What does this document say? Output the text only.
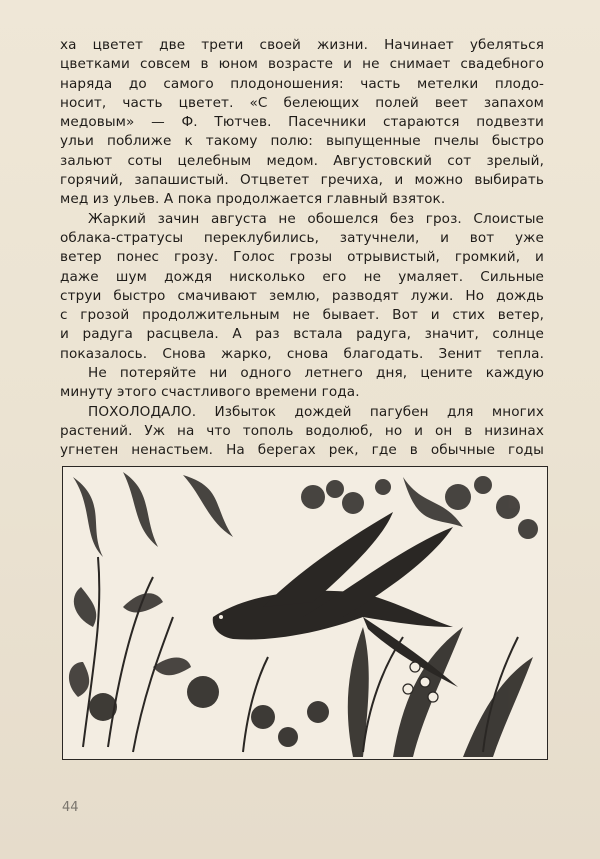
ха цветет две трети своей жизни. Начинает убеляться
цветками совсем в юном возрасте и не снимает свадебного
наряда до самого плодоношения: часть метелки плодо-
носит, часть цветет. «С белеющих полей веет запахом
медовым» — Ф. Тютчев. Пасечники стараются подвезти
ульи поближе к такому полю: выпущенные пчелы быстро
зальют соты целебным медом. Августовский сот зрелый,
горячий, запашистый. Отцветет гречиха, и можно выбирать
мед из ульев. А пока продолжается главный взяток.
Жаркий зачин августа не обошелся без гроз. Слоистые
облака-стратусы переклубились, затучнели, и вот уже
ветер понес грозу. Голос грозы отрывистый, громкий, и
даже шум дождя нисколько его не умаляет. Сильные
струи быстро смачивают землю, разводят лужи. Но дождь
с грозой продолжительным не бывает. Вот и стих ветер,
и радуга расцвела. А раз встала радуга, значит, солнце
показалось. Снова жарко, снова благодать. Зенит тепла.
Не потеряйте ни одного летнего дня, цените каждую
минуту этого счастливого времени года.
ПОХОЛОДАЛО. Избыток дождей пагубен для многих
растений. Уж на что тополь водолюб, но и он в низинах
угнетен ненастьем. На берегах рек, где в обычные годы
44
